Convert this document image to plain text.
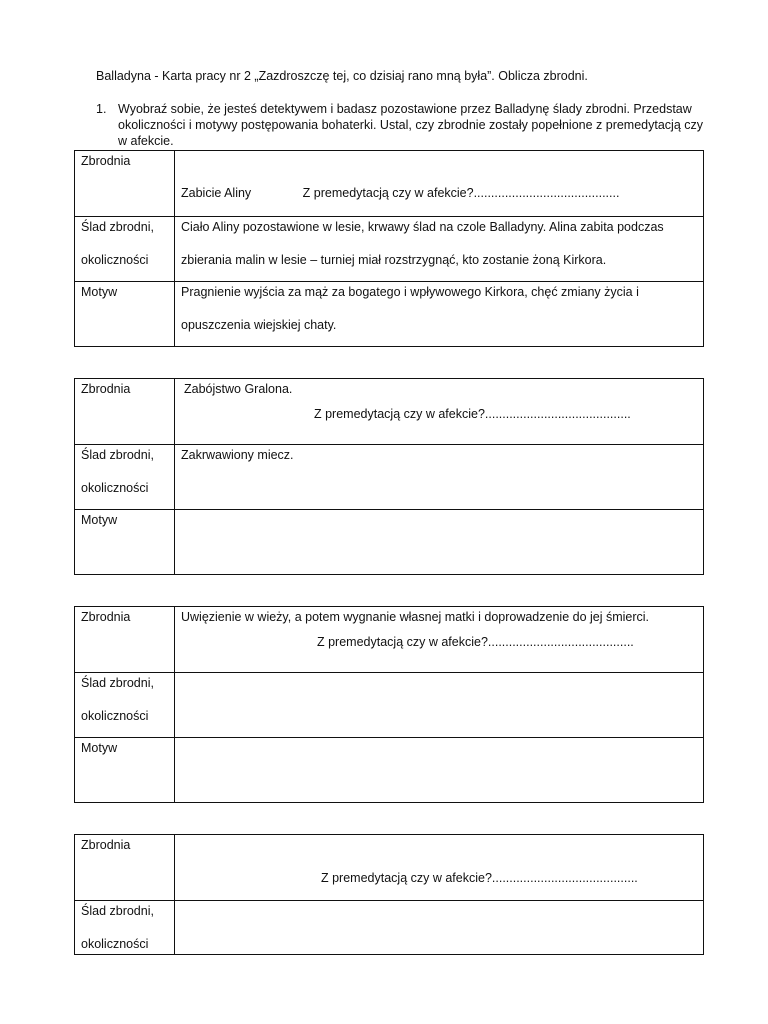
Balladyna - Karta pracy nr 2 „Zazdroszczę tej, co dzisiaj rano mną była”. Oblicza zbrodni.
1. Wyobraź sobie, że jesteś detektywem i badasz pozostawione przez Balladynę ślady zbrodni. Przedstaw okoliczności i motywy postępowania bohaterki. Ustal, czy zbrodnie zostały popełnione z premedytacją czy w afekcie.
Zbrodnia	Zabicie Aliny Z premedytacją czy w afekcie?..........................................

Ślad zbrodni,
okoliczności	Ciało Aliny pozostawione w lesie, krwawy ślad na czole Balladyny. Alina zabita podczas
zbierania malin w lesie – turniej miał rozstrzygnąć, kto zostanie żoną Kirkora.

Motyw	Pragnienie wyjścia za mąż za bogatego i wpływowego Kirkora, chęć zmiany życia i
opuszczenia wiejskiej chaty.
Zbrodnia	Zabójstwo Gralona.
Z premedytacją czy w afekcie?..........................................

Ślad zbrodni,
okoliczności	Zakrwawiony miecz.
Motyw	
Zbrodnia	Uwięzienie w wieży, a potem wygnanie własnej matki i doprowadzenie do jej śmierci.
Z premedytacją czy w afekcie?..........................................

Ślad zbrodni,
okoliczności	

Motyw	
Zbrodnia	Z premedytacją czy w afekcie?..........................................

Ślad zbrodni,
okoliczności	
